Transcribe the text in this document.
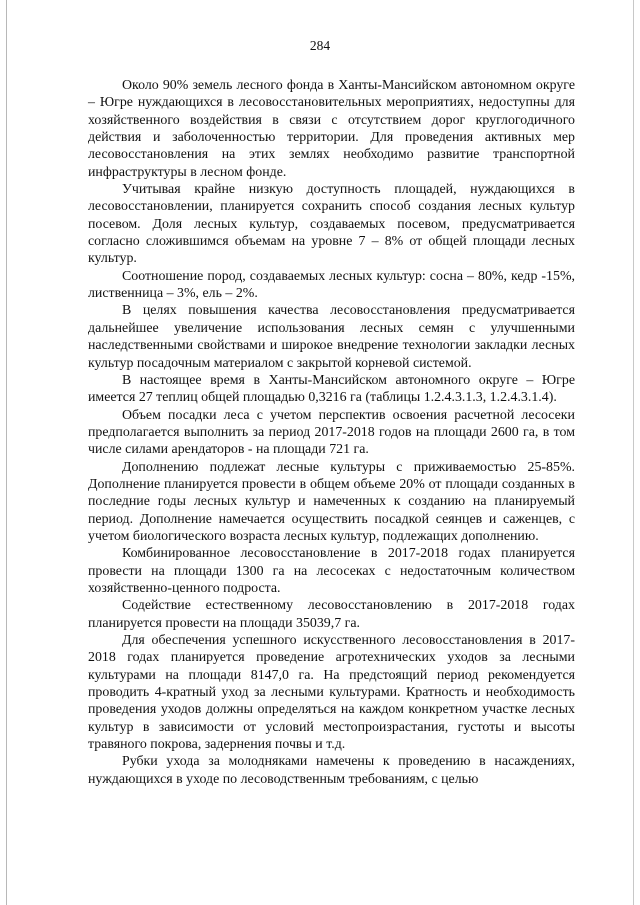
284

Около 90% земель лесного фонда в Ханты-Мансийском автономном округе – Югре нуждающихся в лесовосстановительных мероприятиях, недоступны для хозяйственного воздействия в связи с отсутствием дорог круглогодичного действия и заболоченностью территории. Для проведения активных мер лесовосстановления на этих землях необходимо развитие транспортной инфраструктуры в лесном фонде.

Учитывая крайне низкую доступность площадей, нуждающихся в лесовосстановлении, планируется сохранить способ создания лесных культур посевом. Доля лесных культур, создаваемых посевом, предусматривается согласно сложившимся объемам на уровне 7 – 8% от общей площади лесных культур.

Соотношение пород, создаваемых лесных культур: сосна – 80%, кедр -15%, лиственница – 3%, ель – 2%.

В целях повышения качества лесовосстановления предусматривается дальнейшее увеличение использования лесных семян с улучшенными наследственными свойствами и широкое внедрение технологии закладки лесных культур посадочным материалом с закрытой корневой системой.

В настоящее время в Ханты-Мансийском автономного округе – Югре имеется 27 теплиц общей площадью 0,3216 га (таблицы 1.2.4.3.1.3, 1.2.4.3.1.4).

Объем посадки леса с учетом перспектив освоения расчетной лесосеки предполагается выполнить за период 2017-2018 годов на площади 2600 га, в том числе силами арендаторов - на площади 721 га.

Дополнению подлежат лесные культуры с приживаемостью 25-85%. Дополнение планируется провести в общем объеме 20% от площади созданных в последние годы лесных культур и намеченных к созданию на планируемый период. Дополнение намечается осуществить посадкой сеянцев и саженцев, с учетом биологического возраста лесных культур, подлежащих дополнению.

Комбинированное лесовосстановление в 2017-2018 годах планируется провести на площади 1300 га на лесосеках с недостаточным количеством хозяйственно-ценного подроста.

Содействие естественному лесовосстановлению в 2017-2018 годах планируется провести на площади 35039,7 га.

Для обеспечения успешного искусственного лесовосстановления в 2017-2018 годах планируется проведение агротехнических уходов за лесными культурами на площади 8147,0 га. На предстоящий период рекомендуется проводить 4-кратный уход за лесными культурами. Кратность и необходимость проведения уходов должны определяться на каждом конкретном участке лесных культур в зависимости от условий местопроизрастания, густоты и высоты травяного покрова, задернения почвы и т.д.

Рубки ухода за молодняками намечены к проведению в насаждениях, нуждающихся в уходе по лесоводственным требованиям, с целью
